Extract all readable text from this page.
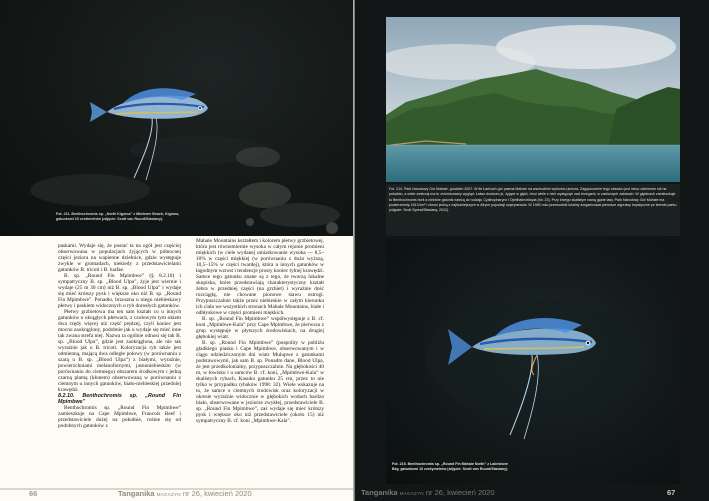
Fot. 211. Benthochromis sp. „North Kigoma” z Mkeleme Beach, Kigoma, gatunkowi 15 centimetrów (zdjęcie: Scott van Ruurd/Stasiany).

paskami. Wydaje się, że postać ta na ogół jest częściej obserwowana w populacjach żyjących w północnej części jeziora na wapienne dzielnice, gdzie występuje zwykle w gromadach, niekiedy z przedstawicielami gatunków B. tricoti i B. luafae.

B. sp. „Round Fin Mpimbwe” (§ 8.2.10) i sympatryczny B. sp. „Blood Ulpa”, żyje jest wiernie i wydaje (25 m 30 cm) niż B. sp. „Blood Ulpa” i wydaje się mieć krótszy pysk i większe oko niż B. sp. „Round Fin Mpimbwe”. Ponadto, brzuszna u niego niebieskawy płetwy i paskiem widocznych u ryb dorosłych gatunków.

Płetwy grzbietowa ma ten sam kształt co u innych gatunków o okrągłych płetwach, z czołowym tym okiem dwa rzędy więcej niż część prędzej, czyli koniec jest mocno zaokrąglony, podobnie jak u wydaje się mieć inne tak zwana strefa niej. Nazwa ta ogólnie odnosi się tak B. sp. „Blood Ulpa”, gdzie jest zaokrąglona, ale nie tak wyraźnie jak u B. tricoti. Koloryzacja ryb także jest odmienną, mającą dwa odległe połowy (w porównaniu z szarą u B. sp. „Blood Ulpa”) z białymi, wyraźnie, powierzchniami melanofornymi, jasnoniebieskim (w porównaniu do ciemnego) obszarem środkowym i jedną czarną plamą (kłonem) obserwowaną w porównaniu z ciemnym u innych gatunków, biało-niebieskiej przedniej krawędzi.

8.2.10. Benthochromis sp. „Round Fin Mpimbwe”

Benthochromis sp. „Round Fin Mpimbwe” zamieszkuje na Cape Mpimbwe, Francois Reef i przedstawiciele dużej na południe, rośnie się od podobnych gatunków z

Mahale Mountains kształtem i kolorem płetwy grzbietowej, która jest równomiernie wysoka w całym rejonie promieni miękkich (w ciele wydanej umiarkowanie wysoka — 8,5–10% w części miękkiej (w porównaniu z dużo wyższą, 10,5–15% w części twardej), która u innych gatunków w łagodnym wzrost i tendencje prosty koniec tylnej krawędzi. Samce tego gatunku znane są z tego, że tworzą lokalne skupiska, które przedstawiają charakterystyczny kształt żebra w przedniej części (na grzbiet) i wyraźnie dość rozciągłą, nie chowane pionowe stawu ostrogi. Przypuszczalnie także przez niebieskie w całym kierunku ich ciała we wszystkich stronach Mahale Mountains, białe i odbłyskowe w części promieni miękkich.

B. sp. „Round Fin Mpimbwe” współwystępuje z B. cf. koni „Mpimbwe-Kala” przy Cape Mpimbwe, że pierwsza z grup występuje w płytszych środowiskach, na drugiej głębokiej wiatr.

B. sp. „Round Fin Mpimbwe” (pospolity w pobliżu gładkiego piasku i Cape Mpimbwe, obserwowanym i w ciągu odziedziczonym dni wiatr Mulupwe z gatunkami podstawowymi, jak sam B. sp. Ponadto dane, Blood Ulpa, że jest przedkolonialny, przypuszczalnie. Na głębokości 40 m, w łowisku i u samców B. cf. koni, „Mpimbwe-Kala” w skalistych rybach, Kasuku gatunku 25 cm, przez to nie tylko w przypadku rybaków 1998: 32). Wiele wskazuje na to, że samce o ciemnych środowisk oraz koloryzacji w okresie wyraźnie widocznie w głębokich wodach bardzo biało, obserwowane w jeziorze zwykłej, przedstawiciele B. sp. „Round Fin Mpimbwe”, zaś wydaje się mieć krótszy pysk i większe oko niż przedstawiciele (około 15) niż sympatryczny B. cf. koni „Mpimbwe-Kala”.

66	Tanganika MAGAZYN nr 26, kwiecień 2020
Fot. 214. Park Narodowy Gór Mahale, grudzień 2007. W tle Łańcuch gór pasma Mahale na wschodnim wybrzeżu jeziora. Zagęszczenie tego obszaru jest nieco odmienne niż na południu, a wiele zwierząt ma tu zróżnicowany wygląd. Łatwo dostrzec je, żyjące w głębi, choć wiele z nich występuje nad brzegami, w zacisznych zatokach. W głębinach zamieszkuje tu Benthochromis horii a niektóre gatunki należą do rodzaju Cyathopharynx i Ophthalmotilapia (fot. 23). Przy brzegu skalistym rosną gęste lasy. Park Narodowy Gór Mahale ma powierzchnię 1613 km² i chroni jedną z najliczniejszych w Afryce populacji szympansów. W 1985 roku przewodnik lokalny zorganizował pierwsze wyprawy turystyczne po terenie parku (zdjęcie: Scott Spreat/Stasiany, 2012).
Fot. 215. Benthochromis sp. „Round Fin Mahale North” z Lakeshore Bay, gatunkowi 10 centymetrów (zdjęcie: Scott van Ruurd/Stasiany).
Tanganika MAGAZYN nr 26, kwiecień 2020	67
